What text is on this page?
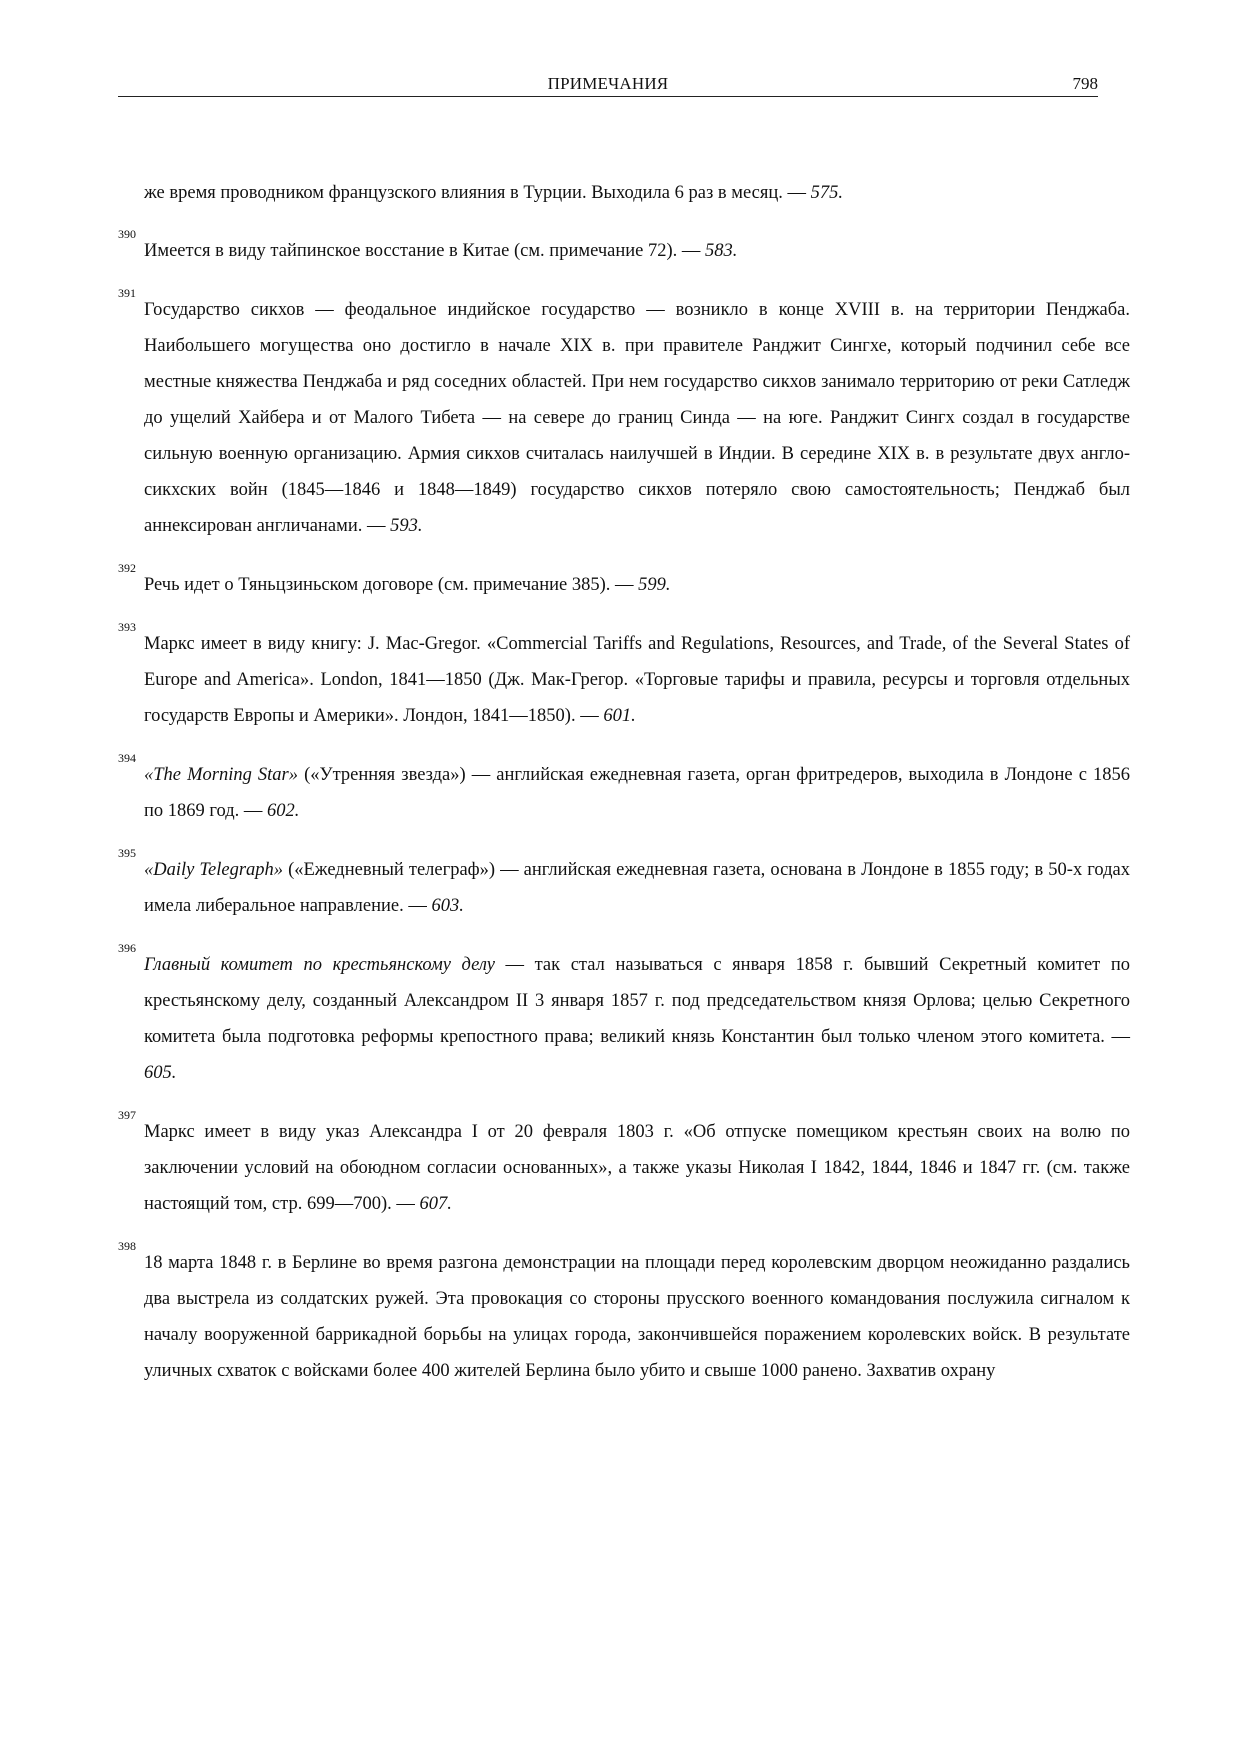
ПРИМЕЧАНИЯ	798

же время проводником французского влияния в Турции. Выходила 6 раз в месяц. — 575.

390
Имеется в виду тайпинское восстание в Китае (см. примечание 72). — 583.

391
Государство сикхов — феодальное индийское государство — возникло в конце XVIII в. на территории Пенджаба. Наибольшего могущества оно достигло в начале XIX в. при правителе Ранджит Сингхе, который подчинил себе все местные княжества Пенджаба и ряд соседних областей. При нем государство сикхов занимало территорию от реки Сатледж до ущелий Хайбера и от Малого Тибета — на севере до границ Синда — на юге. Ранджит Сингх создал в государстве сильную военную организацию. Армия сикхов считалась наилучшей в Индии. В середине XIX в. в результате двух англо-сикхских войн (1845—1846 и 1848—1849) государство сикхов потеряло свою самостоятельность; Пенджаб был аннексирован англичанами. — 593.

392
Речь идет о Тяньцзиньском договоре (см. примечание 385). — 599.

393
Маркс имеет в виду книгу: J. Mac-Gregor. «Commercial Tariffs and Regulations, Resources, and Trade, of the Several States of Europe and America». London, 1841—1850 (Дж. Мак-Грегор. «Торговые тарифы и правила, ресурсы и торговля отдельных государств Европы и Америки». Лондон, 1841—1850). — 601.

394
«The Morning Star» («Утренняя звезда») — английская ежедневная газета, орган фритредеров, выходила в Лондоне с 1856 по 1869 год. — 602.

395
«Daily Telegraph» («Ежедневный телеграф») — английская ежедневная газета, основана в Лондоне в 1855 году; в 50-х годах имела либеральное направление. — 603.

396
Главный комитет по крестьянскому делу — так стал называться с января 1858 г. бывший Секретный комитет по крестьянскому делу, созданный Александром II 3 января 1857 г. под председательством князя Орлова; целью Секретного комитета была подготовка реформы крепостного права; великий князь Константин был только членом этого комитета. — 605.

397
Маркс имеет в виду указ Александра I от 20 февраля 1803 г. «Об отпуске помещиком крестьян своих на волю по заключении условий на обоюдном согласии основанных», а также указы Николая I 1842, 1844, 1846 и 1847 гг. (см. также настоящий том, стр. 699—700). — 607.

398
18 марта 1848 г. в Берлине во время разгона демонстрации на площади перед королевским дворцом неожиданно раздались два выстрела из солдатских ружей. Эта провокация со стороны прусского военного командования послужила сигналом к началу вооруженной баррикадной борьбы на улицах города, закончившейся поражением королевских войск. В результате уличных схваток с войсками более 400 жителей Берлина было убито и свыше 1000 ранено. Захватив охрану
